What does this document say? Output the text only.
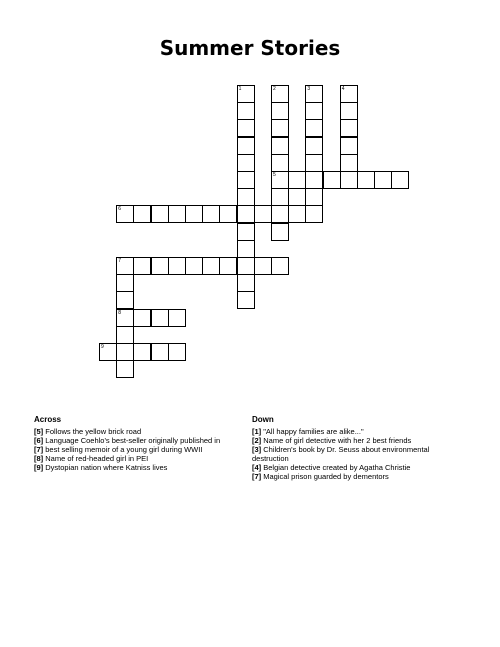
Summer Stories
1	2
5
3	4
6
7
8
9
Across
[5] Follows the yellow brick road
[6] Language Coehlo's best-seller originally published in
[7] best selling memoir of a young girl during WWII
[8] Name of red-headed girl in PEI
[9] Dystopian nation where Katniss lives
Down
[1] "All happy families are alike..."
[2] Name of girl detective with her 2 best friends
[3] Children's book by Dr. Seuss about environmental destruction
[4] Belgian detective created by Agatha Christie
[7] Magical prison guarded by dementors
